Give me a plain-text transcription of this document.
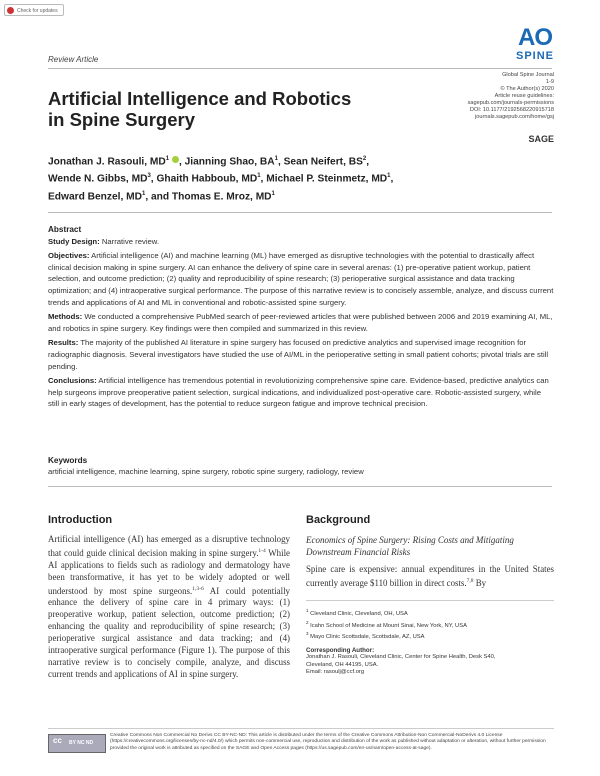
Check for updates
AO
SPINE
Review Article
Global Spine Journal
1-9
© The Author(s) 2020
Article reuse guidelines:
sagepub.com/journals-permissions
DOI: 10.1177/2192568220915718
journals.sagepub.com/home/gsj
SAGE
Artificial Intelligence and Robotics
in Spine Surgery
Jonathan J. Rasouli, $MD^1$ , Jianning Shao, $BA^1$, Sean Neifert, $BS^2$,
Wende N. Gibbs, $MD^3$, Ghaith Habboub, $MD^1$, Michael P. Steinmetz, $MD^1$,
Edward Benzel, $MD^1$, and Thomas E. Mroz, $MD^1$

Abstract

Study Design: Narrative review.

Objectives: Artificial intelligence (AI) and machine learning (ML) have emerged as disruptive technologies with the potential to drastically affect clinical decision making in spine surgery. AI can enhance the delivery of spine care in several arenas: (1) pre-operative patient workup, patient selection, and outcome prediction; (2) quality and reproducibility of spine research; (3) perioperative surgical assistance and data tracking optimization; and (4) intraoperative surgical performance. The purpose of this narrative review is to concisely assemble, analyze, and discuss current trends and applications of AI and ML in conventional and robotic-assisted spine surgery.

Methods: We conducted a comprehensive PubMed search of peer-reviewed articles that were published between 2006 and 2019 examining AI, ML, and robotics in spine surgery. Key findings were then compiled and summarized in this review.

Results: The majority of the published AI literature in spine surgery has focused on predictive analytics and supervised image recognition for radiographic diagnosis. Several investigators have studied the use of AI/ML in the perioperative setting in small patient cohorts; pivotal trials are still pending.

Conclusions: Artificial intelligence has tremendous potential in revolutionizing comprehensive spine care. Evidence-based, predictive analytics can help surgeons improve preoperative patient selection, surgical indications, and individualized post-operative care. Robotic-assisted surgery, while still in early stages of development, has the potential to reduce surgeon fatigue and improve technical precision.

Keywords
artificial intelligence, machine learning, spine surgery, robotic spine surgery, radiology, review
Introduction

Artificial intelligence (AI) has emerged as a disruptive technology that could guide clinical decision making in spine surgery.$^{1-4}$ While AI applications to fields such as radiology and dermatology have been transformative, it has yet to be widely adopted or well understood by most spine surgeons.$^{1,3-6}$ AI could potentially enhance the delivery of spine care in 4 primary ways: (1) preoperative workup, patient selection, outcome prediction; (2) enhancing the quality and reproducibility of spine research; (3) perioperative surgical assistance and data tracking; and (4) intraoperative surgical performance (Figure 1). The purpose of this narrative review is to concisely compile, analyze, and discuss current trends and applications of AI in spine surgery.

Background

Economics of Spine Surgery: Rising Costs and Mitigating Downstream Financial Risks

Spine care is expensive: annual expenditures in the United States currently average $110 billion in direct costs.$^{7,8}$ By

$^1$ Cleveland Clinic, Cleveland, OH, USA
$^2$ Icahn School of Medicine at Mount Sinai, New York, NY, USA
$^3$ Mayo Clinic Scottsdale, Scottsdale, AZ, USA
Corresponding Author:
Jonathan J. Rasouli, Cleveland Clinic, Center for Spine Health, Desk S40,
Cleveland, OH 44195, USA.
Email: rasoulj@ccf.org
cc BY NC ND
Creative Commons Non Commercial No Derivs CC BY-NC-ND: This article is distributed under the terms of the Creative Commons Attribution-Non Commercial-NoDerivs 4.0 License (https://creativecommons.org/licenses/by-nc-nd/4.0/) which permits non-commercial use, reproduction and distribution of the work as published without adaptation or alteration, without further permission provided the original work is attributed as specified on the SAGE and Open Access pages (https://us.sagepub.com/en-us/nam/open-access-at-sage).
